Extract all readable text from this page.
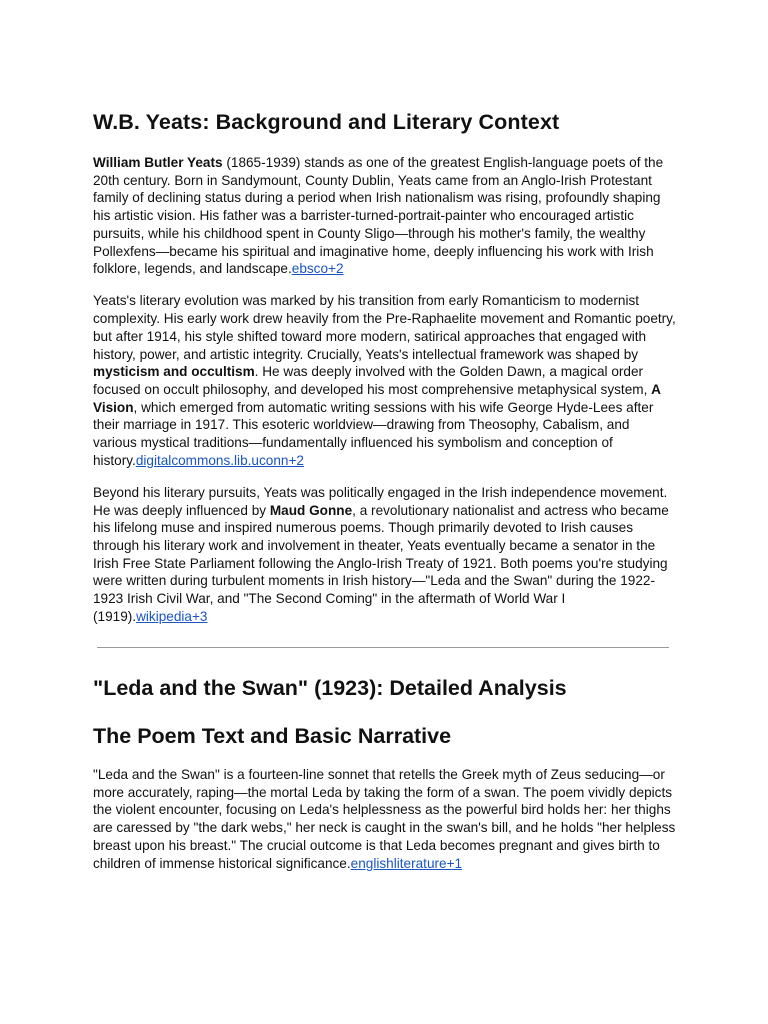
W.B. Yeats: Background and Literary Context

William Butler Yeats (1865-1939) stands as one of the greatest English-language poets of the 20th century. Born in Sandymount, County Dublin, Yeats came from an Anglo-Irish Protestant family of declining status during a period when Irish nationalism was rising, profoundly shaping his artistic vision. His father was a barrister-turned-portrait-painter who encouraged artistic pursuits, while his childhood spent in County Sligo—through his mother's family, the wealthy Pollexfens—became his spiritual and imaginative home, deeply influencing his work with Irish folklore, legends, and landscape.ebsco+2

Yeats's literary evolution was marked by his transition from early Romanticism to modernist complexity. His early work drew heavily from the Pre-Raphaelite movement and Romantic poetry, but after 1914, his style shifted toward more modern, satirical approaches that engaged with history, power, and artistic integrity. Crucially, Yeats's intellectual framework was shaped by mysticism and occultism. He was deeply involved with the Golden Dawn, a magical order focused on occult philosophy, and developed his most comprehensive metaphysical system, A Vision, which emerged from automatic writing sessions with his wife George Hyde-Lees after their marriage in 1917. This esoteric worldview—drawing from Theosophy, Cabalism, and various mystical traditions—fundamentally influenced his symbolism and conception of history.digitalcommons.lib.uconn+2

Beyond his literary pursuits, Yeats was politically engaged in the Irish independence movement. He was deeply influenced by Maud Gonne, a revolutionary nationalist and actress who became his lifelong muse and inspired numerous poems. Though primarily devoted to Irish causes through his literary work and involvement in theater, Yeats eventually became a senator in the Irish Free State Parliament following the Anglo-Irish Treaty of 1921. Both poems you're studying were written during turbulent moments in Irish history—"Leda and the Swan" during the 1922-1923 Irish Civil War, and "The Second Coming" in the aftermath of World War I (1919).wikipedia+3

"Leda and the Swan" (1923): Detailed Analysis
The Poem Text and Basic Narrative

"Leda and the Swan" is a fourteen-line sonnet that retells the Greek myth of Zeus seducing—or more accurately, raping—the mortal Leda by taking the form of a swan. The poem vividly depicts the violent encounter, focusing on Leda's helplessness as the powerful bird holds her: her thighs are caressed by "the dark webs," her neck is caught in the swan's bill, and he holds "her helpless breast upon his breast." The crucial outcome is that Leda becomes pregnant and gives birth to children of immense historical significance.englishliterature+1
